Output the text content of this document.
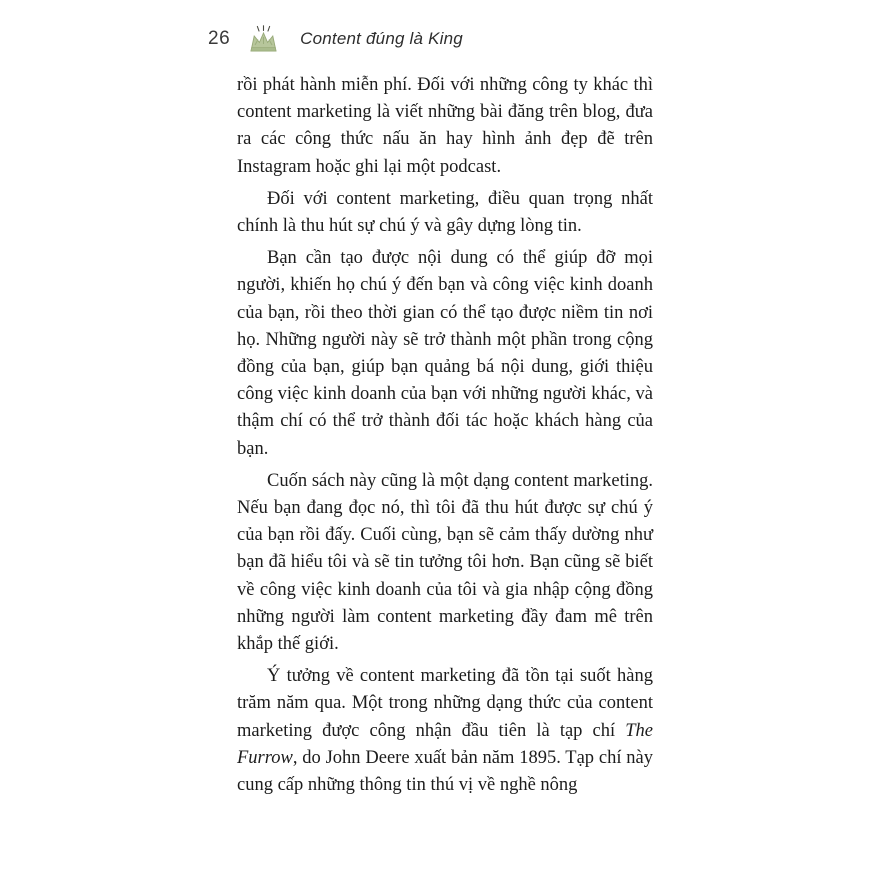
26	Content đúng là King

rồi phát hành miễn phí. Đối với những công ty khác thì content marketing là viết những bài đăng trên blog, đưa ra các công thức nấu ăn hay hình ảnh đẹp đẽ trên Instagram hoặc ghi lại một podcast.

Đối với content marketing, điều quan trọng nhất chính là thu hút sự chú ý và gây dựng lòng tin.

Bạn cần tạo được nội dung có thể giúp đỡ mọi người, khiến họ chú ý đến bạn và công việc kinh doanh của bạn, rồi theo thời gian có thể tạo được niềm tin nơi họ. Những người này sẽ trở thành một phần trong cộng đồng của bạn, giúp bạn quảng bá nội dung, giới thiệu công việc kinh doanh của bạn với những người khác, và thậm chí có thể trở thành đối tác hoặc khách hàng của bạn.

Cuốn sách này cũng là một dạng content marketing. Nếu bạn đang đọc nó, thì tôi đã thu hút được sự chú ý của bạn rồi đấy. Cuối cùng, bạn sẽ cảm thấy dường như bạn đã hiểu tôi và sẽ tin tưởng tôi hơn. Bạn cũng sẽ biết về công việc kinh doanh của tôi và gia nhập cộng đồng những người làm content marketing đầy đam mê trên khắp thế giới.

Ý tưởng về content marketing đã tồn tại suốt hàng trăm năm qua. Một trong những dạng thức của content marketing được công nhận đầu tiên là tạp chí The Furrow, do John Deere xuất bản năm 1895. Tạp chí này cung cấp những thông tin thú vị về nghề nông
